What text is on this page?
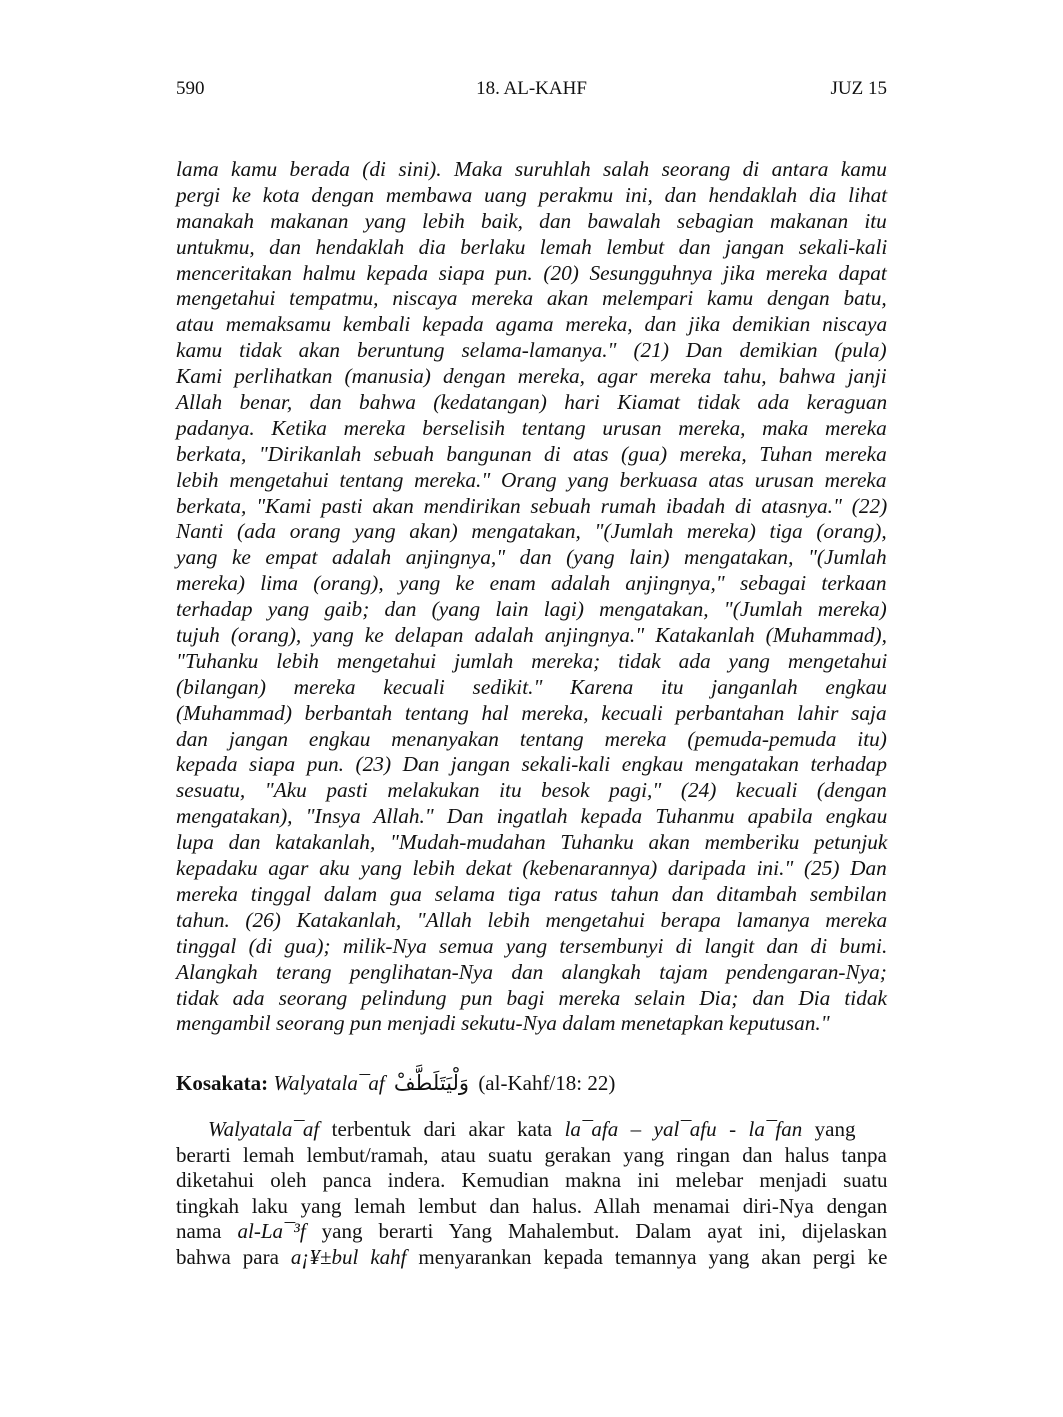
590	18. AL-KAHF	JUZ 15
lama kamu berada (di sini). Maka suruhlah salah seorang di antara kamu
pergi ke kota dengan membawa uang perakmu ini, dan hendaklah dia lihat
manakah makanan yang lebih baik, dan bawalah sebagian makanan itu
untukmu, dan hendaklah dia berlaku lemah lembut dan jangan sekali-kali
menceritakan halmu kepada siapa pun. (20) Sesungguhnya jika mereka dapat
mengetahui tempatmu, niscaya mereka akan melempari kamu dengan batu,
atau memaksamu kembali kepada agama mereka, dan jika demikian niscaya
kamu tidak akan beruntung selama-lamanya." (21) Dan demikian (pula)
Kami perlihatkan (manusia) dengan mereka, agar mereka tahu, bahwa janji
Allah benar, dan bahwa (kedatangan) hari Kiamat tidak ada keraguan
padanya. Ketika mereka berselisih tentang urusan mereka, maka mereka
berkata, "Dirikanlah sebuah bangunan di atas (gua) mereka, Tuhan mereka
lebih mengetahui tentang mereka." Orang yang berkuasa atas urusan mereka
berkata, "Kami pasti akan mendirikan sebuah rumah ibadah di atasnya." (22)
Nanti (ada orang yang akan) mengatakan, "(Jumlah mereka) tiga (orang),
yang ke empat adalah anjingnya," dan (yang lain) mengatakan, "(Jumlah
mereka) lima (orang), yang ke enam adalah anjingnya," sebagai terkaan
terhadap yang gaib; dan (yang lain lagi) mengatakan, "(Jumlah mereka)
tujuh (orang), yang ke delapan adalah anjingnya." Katakanlah (Muhammad),
"Tuhanku lebih mengetahui jumlah mereka; tidak ada yang mengetahui
(bilangan) mereka kecuali sedikit." Karena itu janganlah engkau
(Muhammad) berbantah tentang hal mereka, kecuali perbantahan lahir saja
dan jangan engkau menanyakan tentang mereka (pemuda-pemuda itu)
kepada siapa pun. (23) Dan jangan sekali-kali engkau mengatakan terhadap
sesuatu, "Aku pasti melakukan itu besok pagi," (24) kecuali (dengan
mengatakan), "Insya Allah." Dan ingatlah kepada Tuhanmu apabila engkau
lupa dan katakanlah, "Mudah-mudahan Tuhanku akan memberiku petunjuk
kepadaku agar aku yang lebih dekat (kebenarannya) daripada ini." (25) Dan
mereka tinggal dalam gua selama tiga ratus tahun dan ditambah sembilan
tahun. (26) Katakanlah, "Allah lebih mengetahui berapa lamanya mereka
tinggal (di gua); milik-Nya semua yang tersembunyi di langit dan di bumi.
Alangkah terang penglihatan-Nya dan alangkah tajam pendengaran-Nya;
tidak ada seorang pelindung pun bagi mereka selain Dia; dan Dia tidak
mengambil seorang pun menjadi sekutu-Nya dalam menetapkan keputusan."
Kosakata: Walyatala¯af وَلْيَتَلَطَّفْ (al-Kahf/18: 22)
Walyatala¯af terbentuk dari akar kata la¯afa – yal¯afu - la¯fan yang
berarti lemah lembut/ramah, atau suatu gerakan yang ringan dan halus tanpa
diketahui oleh panca indera. Kemudian makna ini melebar menjadi suatu
tingkah laku yang lemah lembut dan halus. Allah menamai diri-Nya dengan
nama al-La¯³f yang berarti Yang Mahalembut. Dalam ayat ini, dijelaskan
bahwa para a¡¥±bul kahf menyarankan kepada temannya yang akan pergi ke
